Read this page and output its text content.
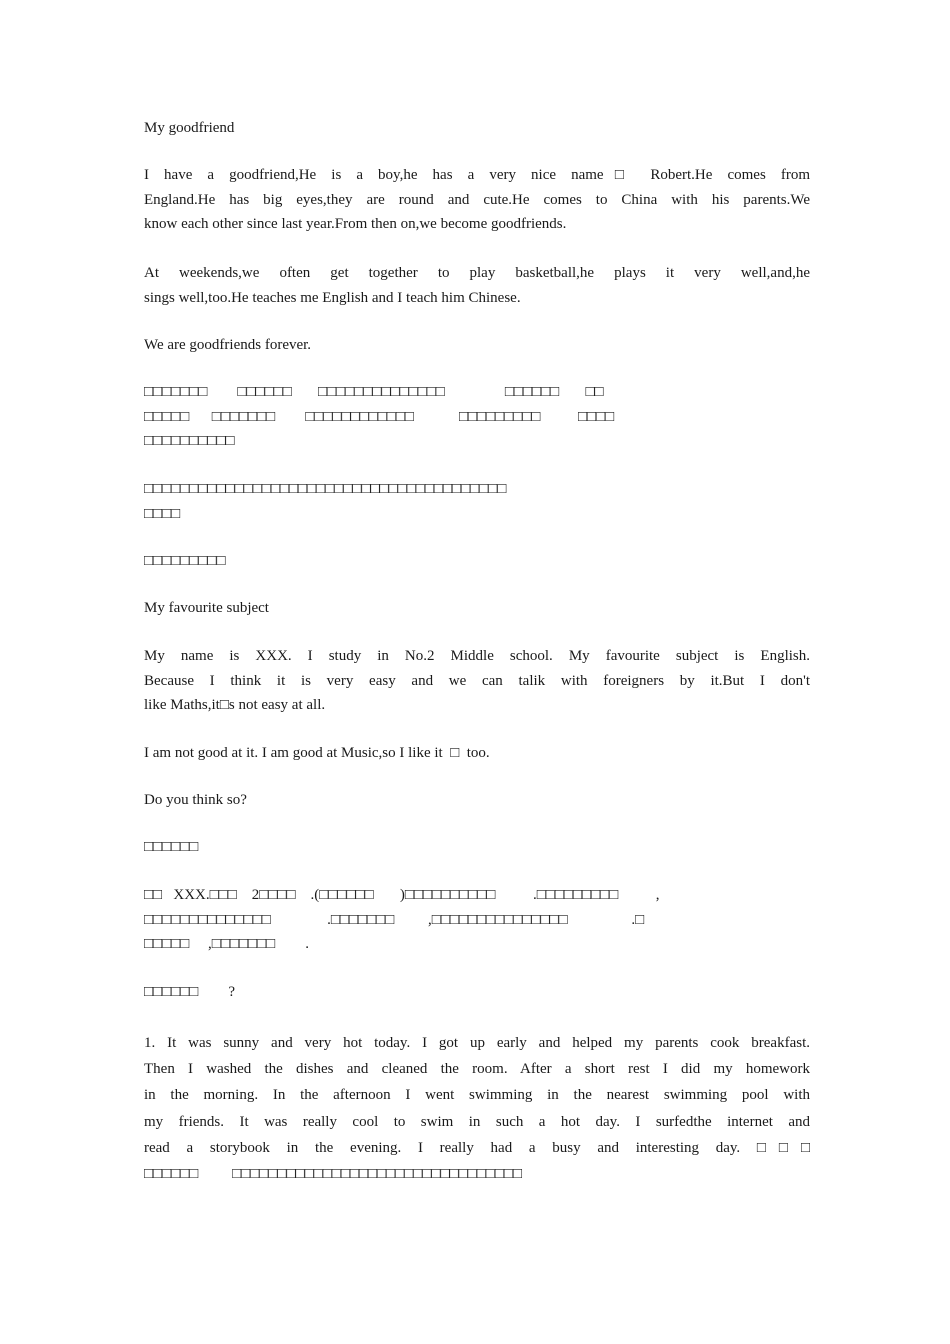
My goodfriend
I have a goodfriend,He is a boy,he has a very nice name□ Robert.He comes from
England.He has big eyes,they are round and cute.He comes to China with his parents.We
know each other since last year.From then on,we become goodfriends.
At weekends,we often get together to play basketball,he plays it very well,and,he
sings well,too.He teaches me English and I teach him Chinese.
We are goodfriends forever.
□□□□□□□        □□□□□□       □□□□□□□□□□□□□□                □□□□□□       □□
□□□□□      □□□□□□□        □□□□□□□□□□□□            □□□□□□□□□          □□□□
□□□□□□□□□□
□□□□□□□□□□□□□□□□□□□□□□□□□□□□□□□□□□□□□□□□
□□□□
□□□□□□□□□
My favourite subject
My name is XXX. I study in No.2 Middle school. My favourite subject is English.
Because I think it is very easy and we can talik with foreigners by it.But I don't
like Maths,it□s not easy at all.
I am not good at it. I am good at Music,so I like it  □  too.
Do you think so?
□□□□□□
□□   XXX.□□□    2□□□□    .(□□□□□□       )□□□□□□□□□□          .□□□□□□□□□          ,
□□□□□□□□□□□□□□               .□□□□□□□         ,□□□□□□□□□□□□□□□                 .□
□□□□□     ,□□□□□□□        .
□□□□□□        ?
1. It was sunny and very hot today. I got up early and helped my parents cook breakfast.
Then I washed the dishes and cleaned the room. After a short rest I did my homework
in the morning. In the afternoon I went swimming in the nearest swimming pool with
my friends. It was really cool to swim in such a hot day. I surfedthe internet and
read a storybook in the evening. I really had a busy and interesting day. □□□
□□□□□□         □□□□□□□□□□□□□□□□□□□□□□□□□□□□□□□□
